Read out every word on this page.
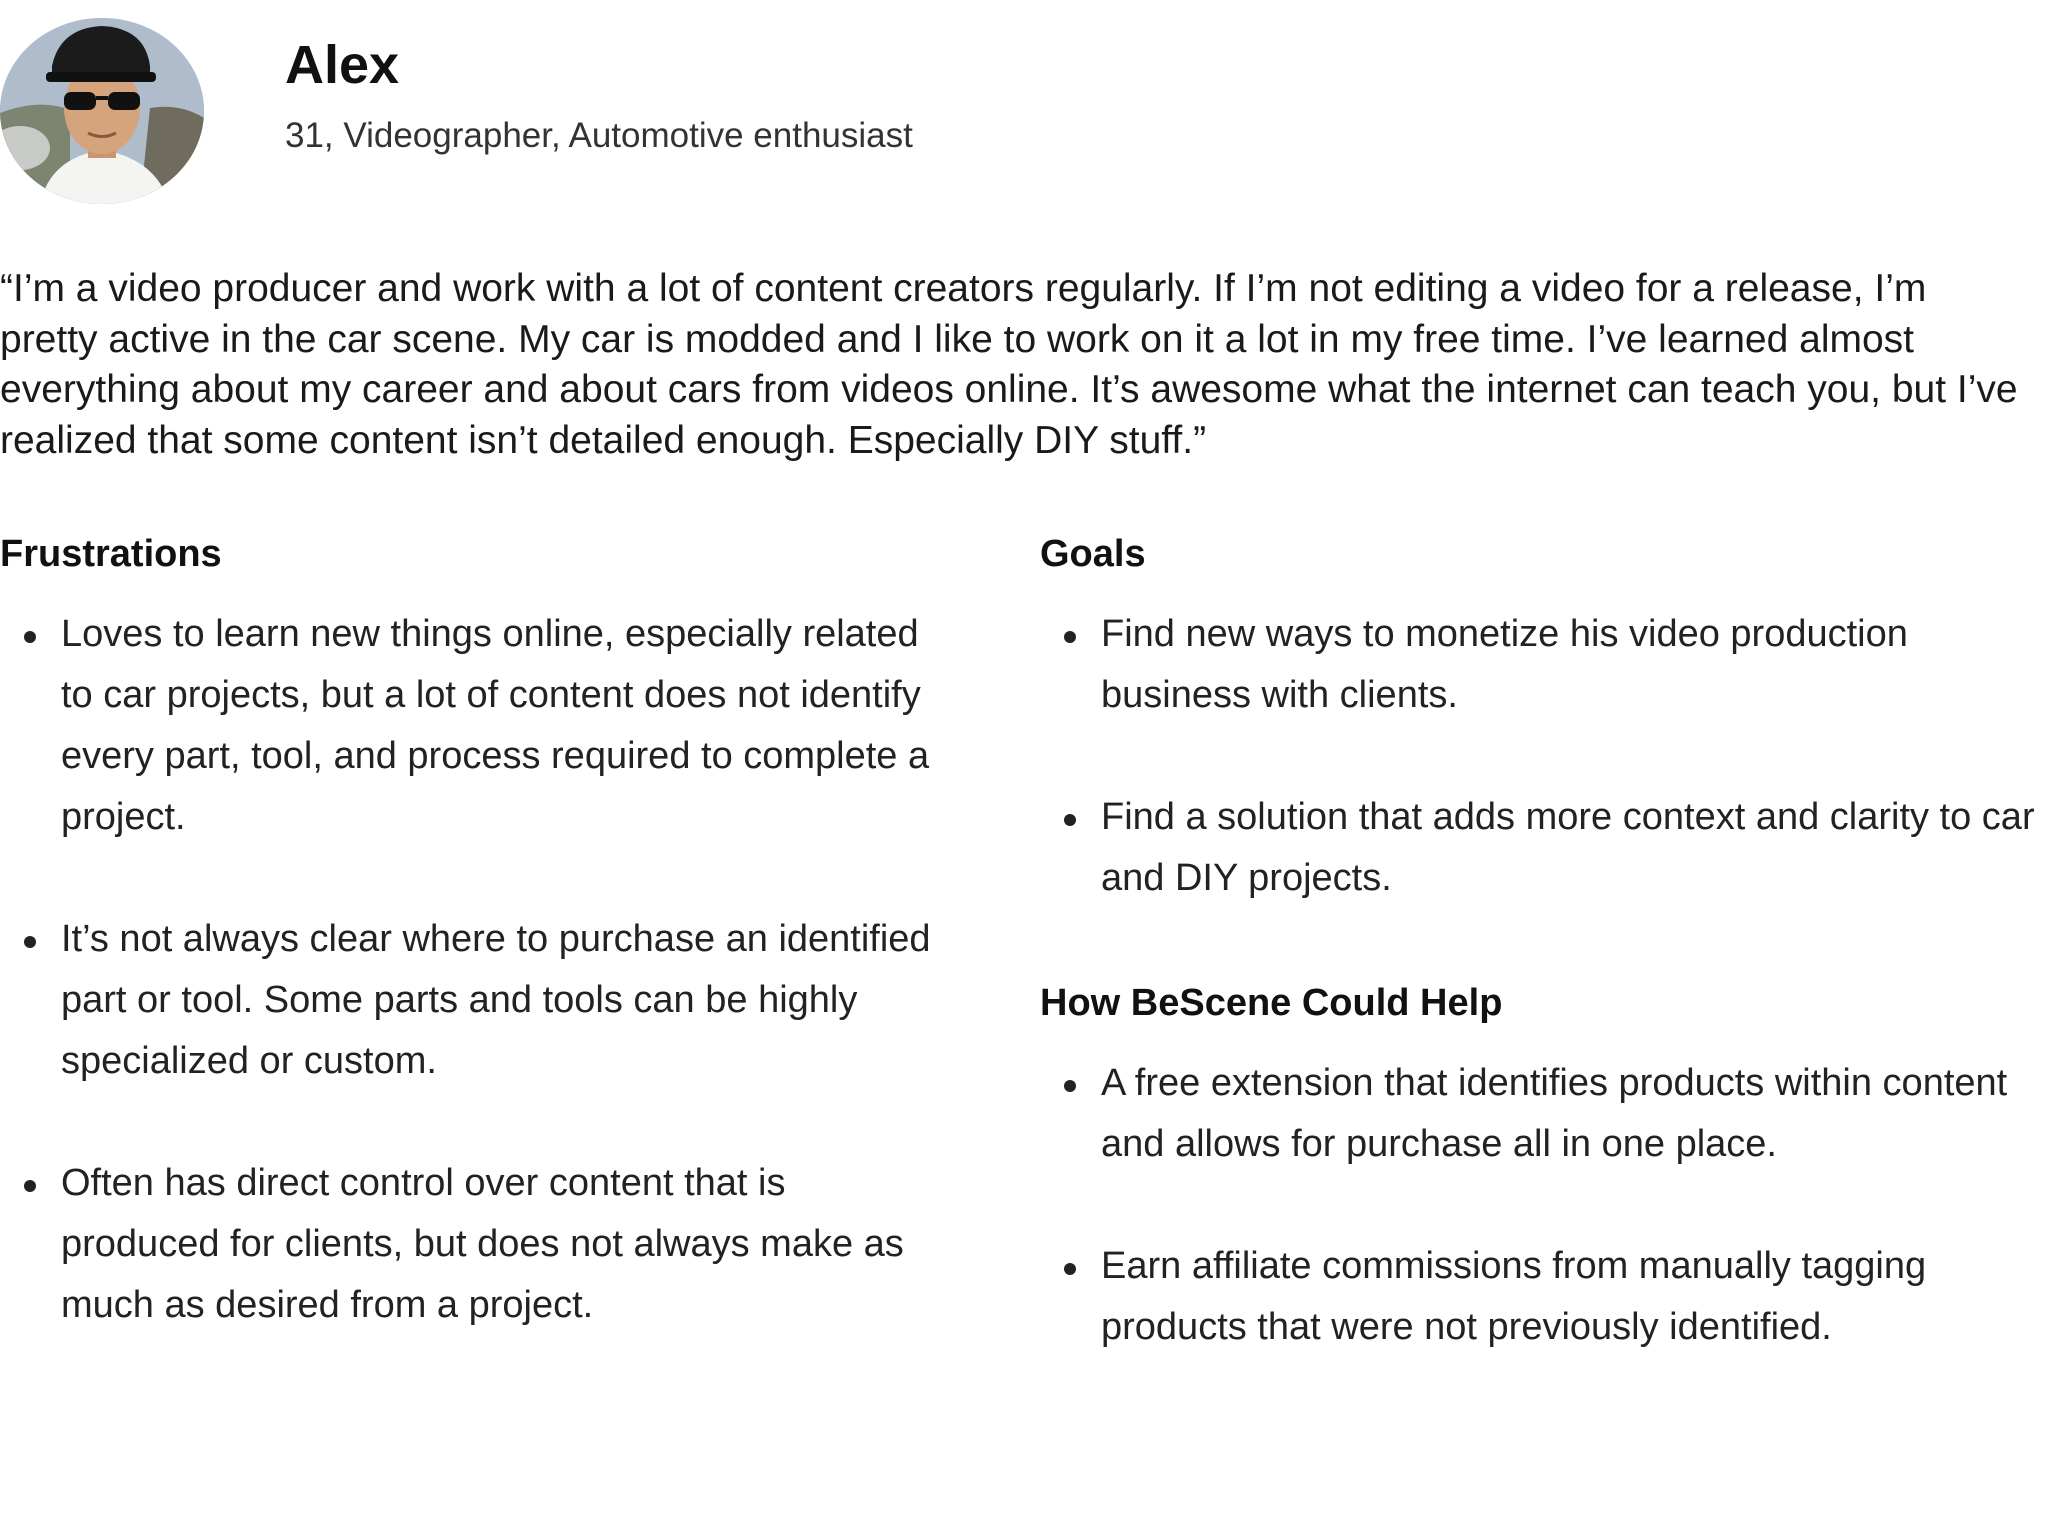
Alex
31, Videographer, Automotive enthusiast

“I’m a video producer and work with a lot of content creators regularly. If I’m not editing a video for a release, I’m pretty active in the car scene. My car is modded and I like to work on it a lot in my free time. I’ve learned almost everything about my career and about cars from videos online. It’s awesome what the internet can teach you, but I’ve realized that some content isn’t detailed enough. Especially DIY stuff.”

Frustrations
Loves to learn new things online, especially related to car projects, but a lot of content does not identify every part, tool, and process required to complete a project.
It’s not always clear where to purchase an identified part or tool. Some parts and tools can be highly specialized or custom.
Often has direct control over content that is produced for clients, but does not always make as much as desired from a project.
Goals
Find new ways to monetize his video production business with clients.
Find a solution that adds more context and clarity to car and DIY projects.
How BeScene Could Help
A free extension that identifies products within content and allows for purchase all in one place.
Earn affiliate commissions from manually tagging products that were not previously identified.
